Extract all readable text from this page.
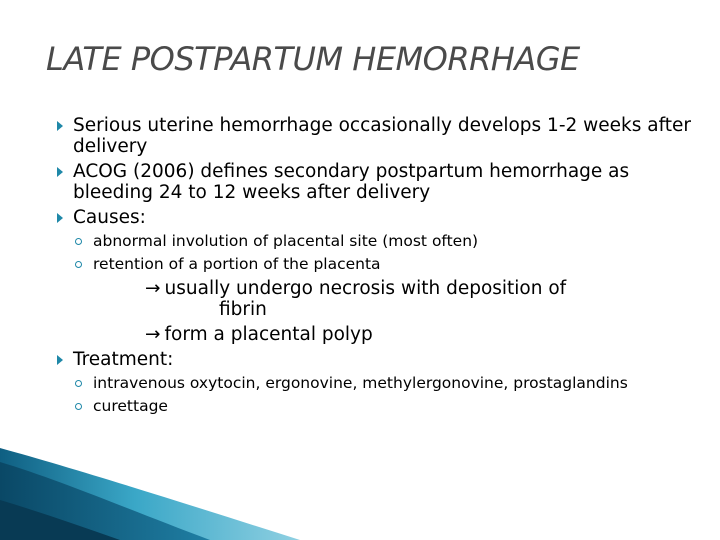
LATE POSTPARTUM HEMORRHAGE
Serious uterine hemorrhage occasionally develops 1-2 weeks after delivery
ACOG (2006) defines secondary postpartum hemorrhage as bleeding 24 to 12 weeks after delivery
Causes:
abnormal involution of placental site (most often)
retention of a portion of the placenta
→ usually undergo necrosis with deposition of
fibrin
→ form a placental polyp
Treatment:
intravenous oxytocin, ergonovine, methylergonovine, prostaglandins
curettage
